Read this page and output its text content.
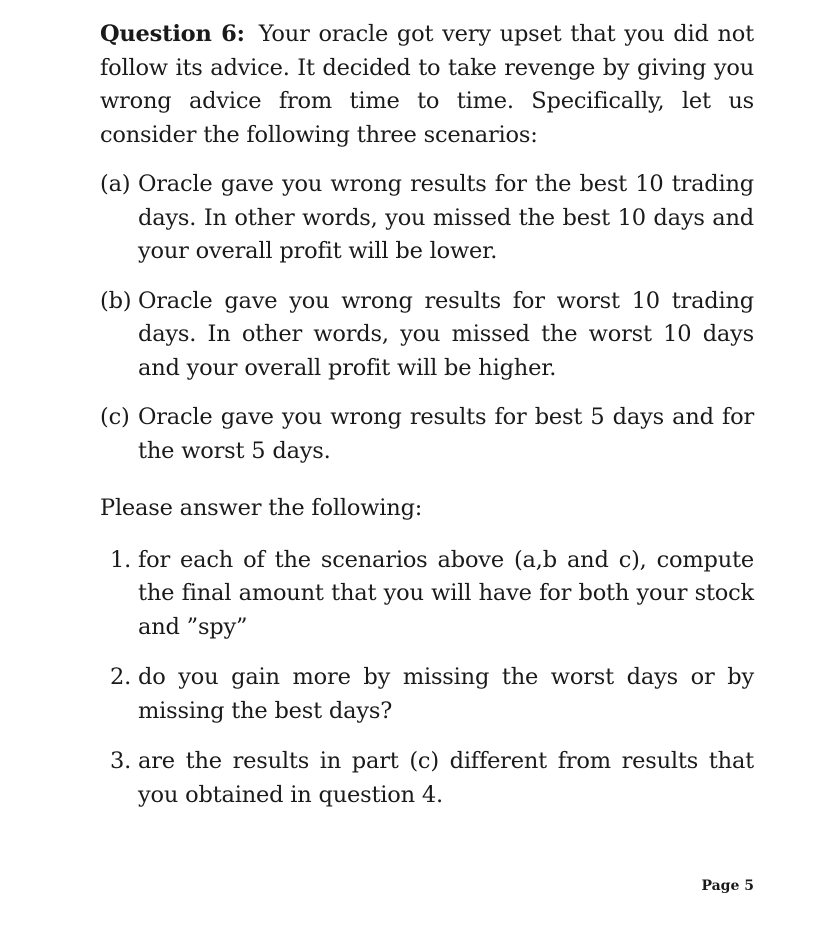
Question 6: Your oracle got very upset that you did not follow its advice. It decided to take revenge by giving you wrong advice from time to time. Specifically, let us consider the following three scenarios:

(a) Oracle gave you wrong results for the best 10 trading days. In other words, you missed the best 10 days and your overall profit will be lower.
(b) Oracle gave you wrong results for worst 10 trading days. In other words, you missed the worst 10 days and your overall profit will be higher.
(c) Oracle gave you wrong results for best 5 days and for the worst 5 days.

Please answer the following:

1. for each of the scenarios above (a,b and c), compute the final amount that you will have for both your stock and ”spy”
2. do you gain more by missing the worst days or by missing the best days?
3. are the results in part (c) different from results that you obtained in question 4.
Page 5
